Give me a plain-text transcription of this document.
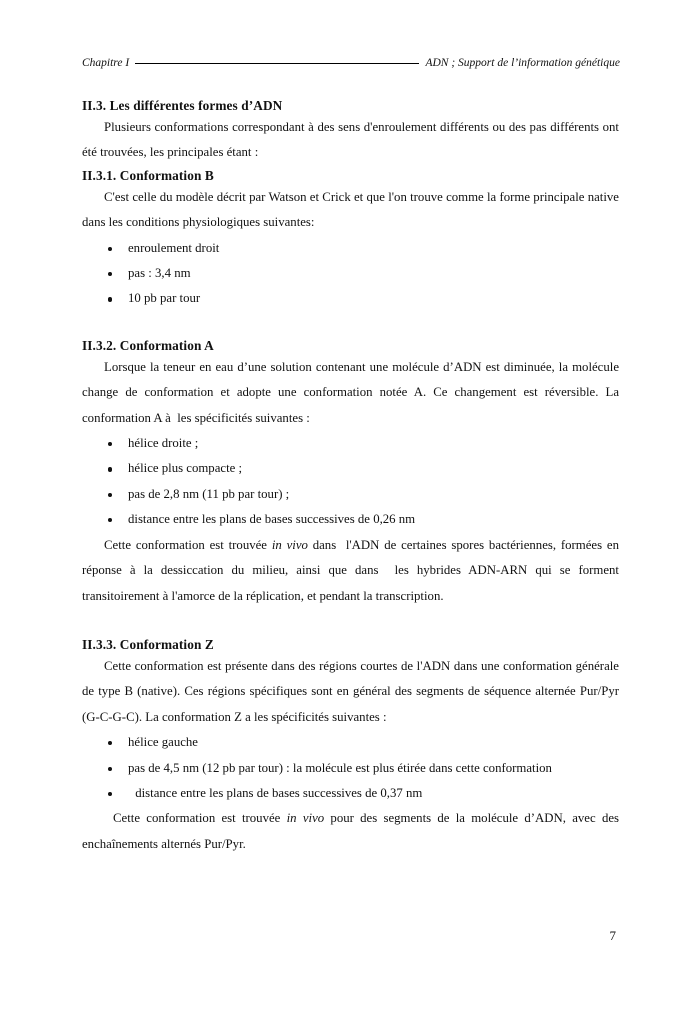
Chapitre I	ADN ; Support de l’information génétique
II.3. Les différentes formes d’ADN

Plusieurs conformations correspondant à des sens d'enroulement différents ou des pas différents ont été trouvées, les principales étant :

II.3.1. Conformation B

C'est celle du modèle décrit par Watson et Crick et que l'on trouve comme la forme principale native dans les conditions physiologiques suivantes:

enroulement droit
pas : 3,4 nm
10 pb par tour
II.3.2. Conformation A

Lorsque la teneur en eau d’une solution contenant une molécule d’ADN est diminuée, la molécule change de conformation et adopte une conformation notée A. Ce changement est réversible. La conformation A à  les spécificités suivantes :

hélice droite ;
hélice plus compacte ;
pas de 2,8 nm (11 pb par tour) ;
distance entre les plans de bases successives de 0,26 nm

Cette conformation est trouvée in vivo dans  l'ADN de certaines spores bactériennes, formées en réponse à la dessiccation du milieu, ainsi que dans  les hybrides ADN-ARN qui se forment transitoirement à l'amorce de la réplication, et pendant la transcription.

II.3.3. Conformation Z

Cette conformation est présente dans des régions courtes de l'ADN dans une conformation générale de type B (native). Ces régions spécifiques sont en général des segments de séquence alternée Pur/Pyr (G-C-G-C). La conformation Z a les spécificités suivantes :

hélice gauche
pas de 4,5 nm (12 pb par tour) : la molécule est plus étirée dans cette conformation
distance entre les plans de bases successives de 0,37 nm

Cette conformation est trouvée in vivo pour des segments de la molécule d’ADN, avec des enchaînements alternés Pur/Pyr.

7
